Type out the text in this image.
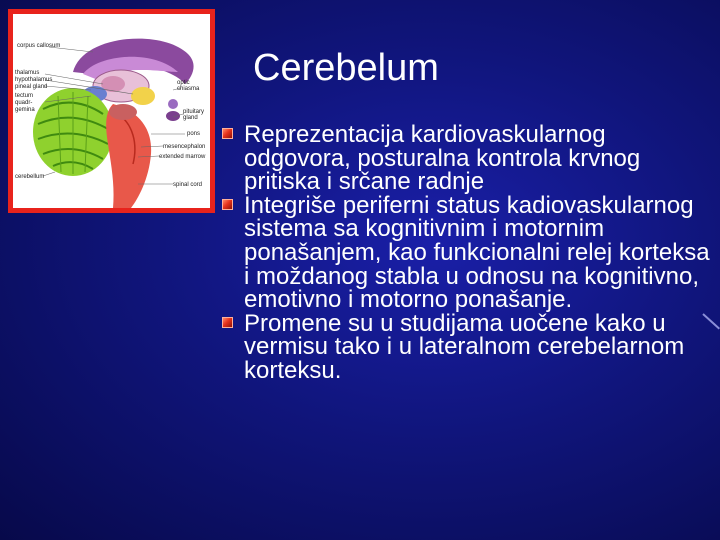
corpus callosum
thalamus
hypothalamus
pineal gland
tectum
quadr-
gemina
optic
chiasma
pituitary
gland
pons
mesencephalon
extended marrow
cerebellum
spinal cord
Cerebelum
Reprezentacija kardiovaskularnog odgovora, posturalna kontrola krvnog pritiska i srčane radnje
Integriše periferni status kadiovaskularnog sistema sa kognitivnim i motornim ponašanjem, kao funkcionalni relej korteksa i moždanog stabla u odnosu na kognitivno, emotivno i motorno ponašanje.
Promene su u studijama uočene kako u vermisu tako i u lateralnom cerebelarnom korteksu.
